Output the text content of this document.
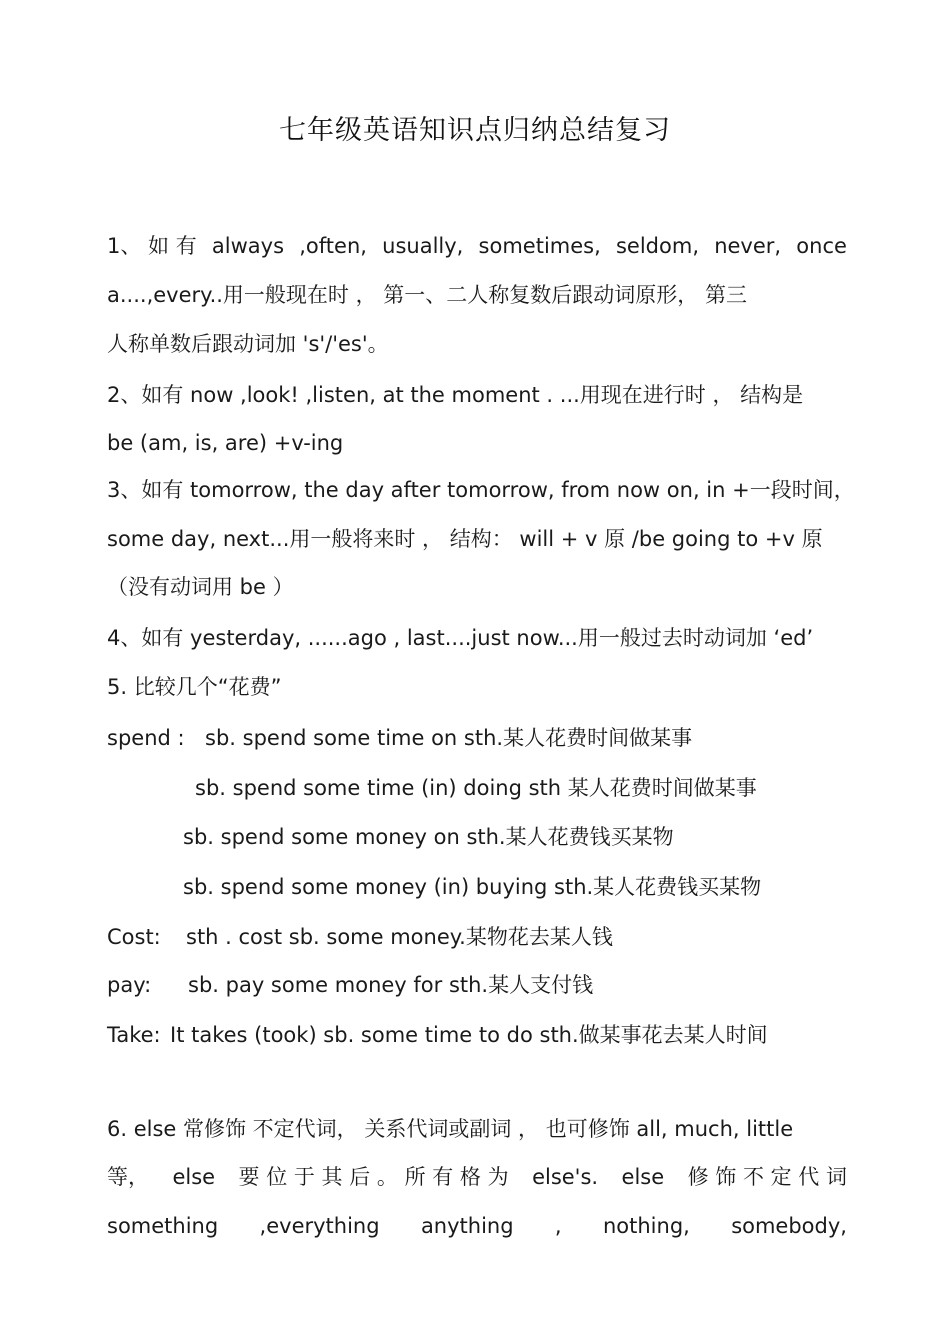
七年级英语知识点归纳总结复习
1、 如 有 always ,often, usually, sometimes, seldom, never, once
a....,every..用一般现在时 ， 第一、二人称复数后跟动词原形， 第三
人称单数后跟动词加 's'/'es'。
2、如有 now ,look! ,listen, at the moment . ...用现在进行时 ， 结构是
be (am, is, are) +v-ing
3、如有 tomorrow, the day after tomorrow, from now on, in +一段时间，
some day, next...用一般将来时 ， 结构： will + v 原 /be going to +v 原
（没有动词用 be ）
4、如有 yesterday, ......ago , last....just now...用一般过去时动词加 ‘ed’
5. 比较几个“花费”
spend : sb. spend some time on sth.某人花费时间做某事
sb. spend some time (in) doing sth 某人花费时间做某事
sb. spend some money on sth.某人花费钱买某物
sb. spend some money (in) buying sth.某人花费钱买某物
Cost: sth . cost sb. some money.某物花去某人钱
pay: sb. pay some money for sth.某人支付钱
Take: It takes (took) sb. some time to do sth.做某事花去某人时间
6. else 常修饰 不定代词， 关系代词或副词 ， 也可修饰 all, much, little
等， else 要 位 于 其 后 。 所 有 格 为 else's. else 修 饰 不 定 代 词
something ,everything anything , nothing, somebody,
